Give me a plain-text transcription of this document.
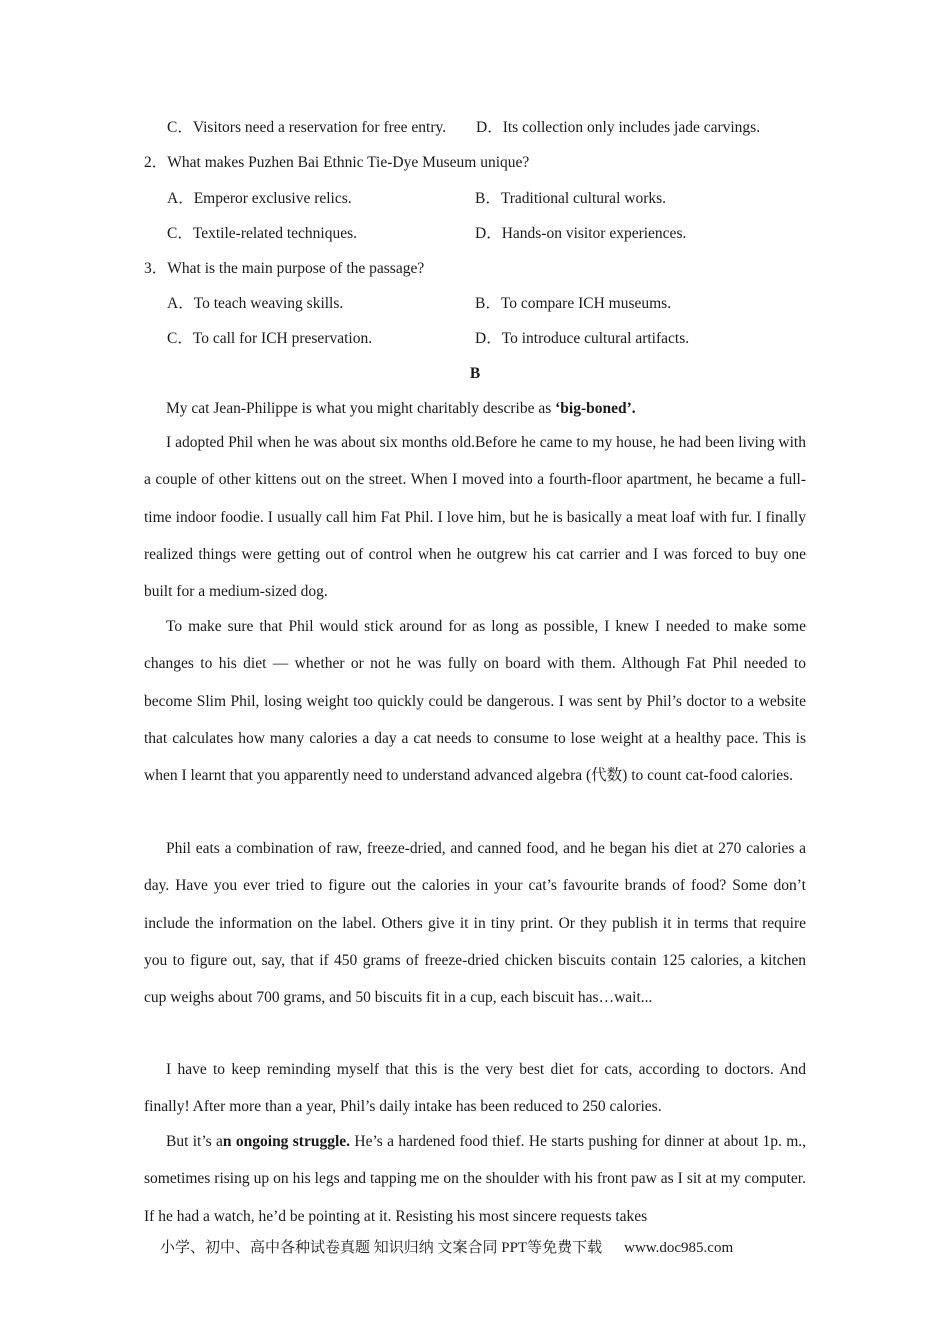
C．Visitors need a reservation for free entry. D．Its collection only includes jade carvings.
2．What makes Puzhen Bai Ethnic Tie-Dye Museum unique?
A．Emperor exclusive relics.	B．Traditional cultural works.
C．Textile-related techniques.	D．Hands-on visitor experiences.
3．What is the main purpose of the passage?
A．To teach weaving skills.	B．To compare ICH museums.
C．To call for ICH preservation.	D．To introduce cultural artifacts.
B
My cat Jean-Philippe is what you might charitably describe as ‘big-boned’.
I adopted Phil when he was about six months old.Before he came to my house, he had been living with a couple of other kittens out on the street. When I moved into a fourth-floor apartment, he became a full-time indoor foodie. I usually call him Fat Phil. I love him, but he is basically a meat loaf with fur. I finally realized things were getting out of control when he outgrew his cat carrier and I was forced to buy one built for a medium-sized dog.
To make sure that Phil would stick around for as long as possible, I knew I needed to make some changes to his diet — whether or not he was fully on board with them. Although Fat Phil needed to become Slim Phil, losing weight too quickly could be dangerous. I was sent by Phil’s doctor to a website that calculates how many calories a day a cat needs to consume to lose weight at a healthy pace. This is when I learnt that you apparently need to understand advanced algebra (代数) to count cat-food calories.
Phil eats a combination of raw, freeze-dried, and canned food, and he began his diet at 270 calories a day. Have you ever tried to figure out the calories in your cat’s favourite brands of food? Some don’t include the information on the label. Others give it in tiny print. Or they publish it in terms that require you to figure out, say, that if 450 grams of freeze-dried chicken biscuits contain 125 calories, a kitchen cup weighs about 700 grams, and 50 biscuits fit in a cup, each biscuit has…wait...
I have to keep reminding myself that this is the very best diet for cats, according to doctors. And finally! After more than a year, Phil’s daily intake has been reduced to 250 calories.
But it’s an ongoing struggle. He’s a hardened food thief. He starts pushing for dinner at about 1p. m., sometimes rising up on his legs and tapping me on the shoulder with his front paw as I sit at my computer. If he had a watch, he’d be pointing at it. Resisting his most sincere requests takes
小学、初中、高中各种试卷真题 知识归纳 文案合同 PPT等免费下载 www.doc985.com
